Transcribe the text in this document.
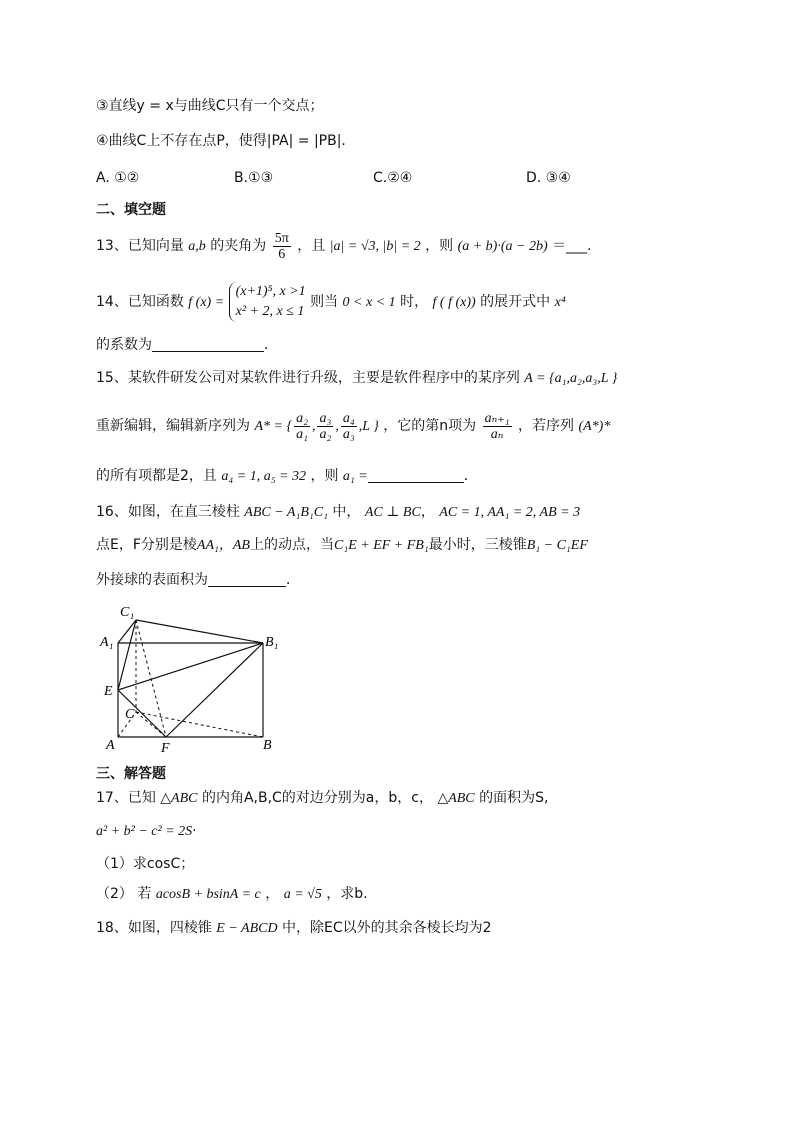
③直线y = x与曲线C只有一个交点；
④曲线C上不存在点P，使得|PA| = |PB|．
A. ①②	B.①③	C.②④	D. ③④
二、填空题
13、已知向量 a,b 的夹角为 $\frac{5\pi}{6}$ ，且 |a| = √3, |b| = 2 ，则 (a + b)·(a − 2b) ＝___.
14、已知函数 f (x) =
(x+1)⁵, x >1
x² + 2, x ≤ 1
则当 0 < x < 1 时， f ( f (x)) 的展开式中 x⁴
的系数为	．
15、某软件研发公司对某软件进行升级，主要是软件程序中的某序列 A = {a₁,a₂,a₃,L }
重新编辑，编辑新序列为 A* = { $\frac{\text{a₂}}{\text{a₁}}$ , $\frac{\text{a₃}}{\text{a₂}}$ , $\frac{\text{a₄}}{\text{a₃}} ,L$ } ，它的第n项为 $\frac{\text{aₙ₊₁}}{\text{aₙ}}$ ，若序列 (A*)*
的所有项都是2，且 a₄ = 1, a₅ = 32 ，则 a₁ =	．
16、如图，在直三棱柱 ABC − A₁B₁C₁ 中， AC ⊥ BC， AC = 1, AA₁ = 2, AB = 3
点E，F分别是棱AA₁，AB上的动点，当C₁E + EF + FB₁最小时，三棱锥B₁ − C₁EF
外接球的表面积为	．
C₁
A₁	B₁
E
C
A	F	B
三、解答题
17、已知 △ABC 的内角A,B,C的对边分别为a，b，c， △ABC 的面积为S,
a² + b² − c² = 2S·
（1）求cosC；
（2） 若 acosB + bsinA = c ， a = √5 ，求b.
18、如图，四棱锥 E − ABCD 中，除EC以外的其余各棱长均为2
